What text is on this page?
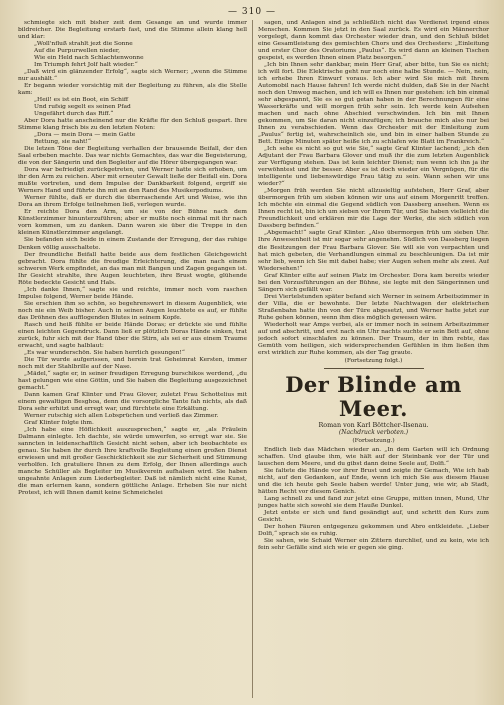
— 310 —

schmiegte sich mit bisher zeit dem Gesange an und wurde immer bildreicher. Die Begleitung erstarb fast, und die Stimme allein klang hell und klar:

„Woll'nfluß strahlt jezt die Sonne

Auf die Purpurwellen nieder,

Wie ein Held nach Schlachtenwonne

Im Triumph fehrt Jolf halt wieder.“

„Daß wird ein glänzender Erfolg“, sagte sich Werner; „wenn die Stimme nur aushält.“

Er begann wieder vorsichtig mit der Begleitung zu führen, als die Stelle kam:

„Heil! es ist ein Boot, ein Schiff

Und rufsig segelt es seinen Pfad

Ungefährt durch das Riff.“

Aber Dora hatte anscheinend nur die Kräfte für den Schluß gespart. Ihre Stimme klang frisch bis zu den letzten Noten:

„Dora — mein Dora — mein Gatte

Rettung, sie naht!“

Die letzen Töne der Begleitung verhallen der brausende Beifall, der den Saal erbeben machte. Das war nichts Gemachtes, das war die Begeisterung, die von der Sängerin und den Begleiter auf die Hörer übergegangen war.

Dora war befriedigt zurückgetreten, und Werner hatte sich erhoben, um ihr den Arm zu reichen. Aber mit erneuter Gewalt ließe der Beifall ein. Dora mußte vortreten, und dem Impulse der Dankbarkeit folgend, ergriff sie Werners Hand und führte ihn mit an den Rand des Musikerpodiums.

Werner fühlte, daß er durch die überraschende Art und Weise, wie ihn Dora an ihrem Erfolge teilnehmen ließ, verlegen wurde.

Er reichte Dora den Arm, um sie von der Bühne nach dem Künstlerzimmer hinunterzuführen; aber er mußte noch einmal mit ihr nach vorn kommen, um zu danken. Dann waren sie über die Treppe in den kleinen Künstlerzimmer angelangt.

Sie befanden sich beide in einem Zustande der Erregung, der das ruhige Denken völlig ausschaltete.

Der freundliche Beifall hatte beide aus dem festlichen Gleichgewicht gebracht. Dora fühlte die freudige Erleichterung, die man nach einem schweren Werk empfindet, an das man mit Bangen und Zagen gegangen ist. Ihr Gesicht strahlte, ihre Augen leuchteten, ihre Brust wogte, glühende Röte bedeckte Gesicht und Hals.

„Ich danke Ihnen,“ sagte sie und reichte, immer noch vom raschen Impulse folgend, Werner beide Hände.

Sie erschien ihm so schön, so begehrenswert in diesem Augenblick, wie noch nie ein Weib bisher. Auch in seinen Augen leuchtete es auf, er fühlte das Dröhnen des aufflogenden Blutes in seinem Kopfe.

Rasch und heiß fühlte er beide Hände Doras; er drückte sie und fühlte einen leichten Gegendruck. Dann ließ er plötzlich Doras Hände sinken, trat zurück, fuhr sich mit der Hand über die Stirn, als sei er aus einem Traume erwacht, und sagte halblaut:

„Es war wunderschön. Sie haben herrlich gesungen!“

Die Tür wurde aufgerissen, und herein trat Geheimrat Kersten, immer noch mit der Stahlbrille auf der Nase.

„Mädel,“ sagte er, in seiner freudigen Erregung burschikos werdend, „du hast gelungen wie eine Göttin, und Sie haben die Begleitung ausgezeichnet gemacht.“

Dann kamen Graf Klinter und Frau Glover, zuletzt Frau Schottelius mit einem gewaltigen Besghoa, denn die vorsorgliche Tante fah nichts, als daß Dora sehr erhitzt und erregt war, und fürchtete eine Erkältung.

Werner rutschig sich allen Lobsprüchen und verließ das Zimmer.

Graf Klinter folgte ihm.

„Ich habe eine Höflichkeit auszusprechen,“ sagte er, „als Fräulein Dalmann einlegte. Ich dachte, sie würde umwerfen, so erregt war sie. Sie sanncten in leidenschaftlich Gesicht nicht sehen, aber ich beobachtete es genau. Sie haben ihr durch Ihre kraftvolle Begleitung einen großen Dienst erwiesen und mit großer Geschicklichkeit sie zur Sicherheit und Stimmung verholfen. Ich gratuliere Ihnen zu dem Erfolg, der Ihnen allerdings auch manche Schüller als Begleiter im Musikverein aufhalsen wird. Sie haben ungeahnte Anlagen zum Liederbegleiter. Daß ist nämlich nicht eine Kunst, die man erlernen kann, sondern göttliche Anlage. Erheben Sie nur nicht Protest, ich will Ihnen damit keine Schmeichelei

sagen, und Anlagen sind ja schließlich nicht das Verdienst irgend eines Menschen. Kommen Sie jetzt in den Saal zurück. Es wird ein Männerchor vorgelegt, dann kommt das Orchester wieder dran, und den Schluß bildet eine Gesamtleistung des gemischten Chors und des Orchesters: „Einleitung und erster Chor des Oratoriums „Paulus“. Es wird dann an kleinen Tischen gespeist, es werden Ihnen einen Platz besorgen.“

„Ich bin Ihnen sehr dankbar, mein Herr Graf, aber bitte, tun Sie es nicht; ich will fort. Die Elektrische geht nur noch eine halbe Stunde. — Nein, nein, ich erhebe Ihren Einwurf voraus. Ich aber wird Sie mich mit Ihrem Automobil nach Hause fahren! Ich werde nicht dulden, daß Sie in der Nacht noch den Umweg machen, und ich will es Ihnen nur gestehen: ich bin einmal sehr abgespannt, Sie es so gut getan haben in der Berechnungen für eine Wasserkräfte und will morgen früh sehr sein. Ich werde kein Aufsehen machen und nach ohne Abschied verschwinden. Ich bin mit Ihnen gekommen, um Sie daran nicht einzufügen; ich brauche mich also nur bei Ihnen zu verabschieden. Wenn das Orchester mit der Einleitung zum „Paulus“ fertig ist, wahrscheinlich sie, und bin in einer halben Stunde zu Bett. Einige Minuten später heiße ich zu schlafen wie Blatt im Frankreich.“

„Ich sehe es nicht so gut wie Sie,“ sagte Graf Klinter lachend; „ich den Adjutant der Frau Barbara Glover und muß ihr die zum letzten Augenblick zur Verfügung stehen. Das ist kein leichter Dienst; nun wenn ich ihn ja ihr verwöhntest und ihr besser. Aber es ist doch wieder ein Vergnügen, für die intelligente und liebenswürdige Frau tätig zu sein. Wann sehen wir uns wieder?“

„Morgen früh werden Sie nicht allzusieltig aufstehen, Herr Graf, aber übermorgen früh um sieben können wir uns auf einem Morgenritt treffen. Ich möchte ein einmal die Gegend südlich von Dassberg ansehen. Wenn es Ihnen recht ist, bin ich um sieben vor Ihrem Tür, und Sie haben vielleicht die Freundlichkeit und erklären mir die Lage der Werke, die sich südlich von Dassberg befinden.“

„Abgemacht!“ sagte Graf Klinter. „Also übermorgen früh um sieben Uhr. Ihre Anwesenheit ist mir sogar sehr angenehm. Südlich von Dassberg liegen die Besitzungen der Frau Barbara Glover. Sie will sie von verpachten und hat mich gebeten, die Verhandlungen einmal zu beschleunigen. Da ist mir sehr lieb, wenn ich Sie mit dabei habe; vier Augen sehen mehr als zwei. Auf Wiedersehen!“

Graf Klinter eilte auf seinen Platz im Orchester. Dora kam bereits wieder bei den Vorzusführungen an der Bühne, sie legte mit den Sängerinnen und Sängern sich gefällt war.

Drei Viertelstunden später befand sich Werner in seinem Arbeitszimmer in der Villa, die er bewohnte. Der letzte Nachtwagen der elektrischen Straßenbahn hatte ihn von der Türe abgesetzt, und Werner hatte jetzt zur Ruhe gehen können, wenn ihm dies möglich gewesen wäre.

Wiederholt war Amps verbei, als er immer noch in seinem Arbeitszimmer auf und abschritt, und erst nach ein Uhr nachts suchte er sein Bett auf, ohne jedoch sofort einschlafen zu können. Der Traum, der in ihm rebte, das Gemüth vom heiligen, sich widersprechenden Gefühlen in ihm ließen ihm erst wirklich zur Ruhe kommen, als der Tag graute.

(Fortsetzung folgt.)

Der Blinde am Meer.
Roman von Karl Böttcher-Ilsenau.
(Nachdruck verboten.)

(Fortsetzung.)

Endlich lieb das Mädchen wieder an. „In dem Garten will ich Ordnung schaffen. Und glaube ihm, wie hält auf der Steinbank vor der Tür und lauschen dem Meere, und du gibst dann deine Seele auf, Dolfi.“

Sie faltete die Hände vor ihrer Brust und zeigte ihr Gemach, Wie ich hab nicht, auf den Gedanken, auf Ende, wenn ich mich Sie aus diesem Hause und die ich heute geh Seele haben werde! Unter jung, wie wir, ab Stadt, hätten Recht vor diesem Genich.

Lang schnell zu und fand zur jetzt eine Gruppe, mitten innen, Mund, Uhr junges hatte sich sowohl sie dem Hauße Dunkel.

Jetzt entste er sich und fand gesändigt auf, und schritt den Kurs zum Gesicht.

Der hohen Fäuren entgegenzu gekommen und Abro entkleidete. „Lieber Dolfi,“ sprach sie es ruhig.

Sie sahen, wie Schaid Werner ein Zittern durchlief, und zu kein, wie ich fein sehr Gefälle sind sich wie er gegen sie ging.
